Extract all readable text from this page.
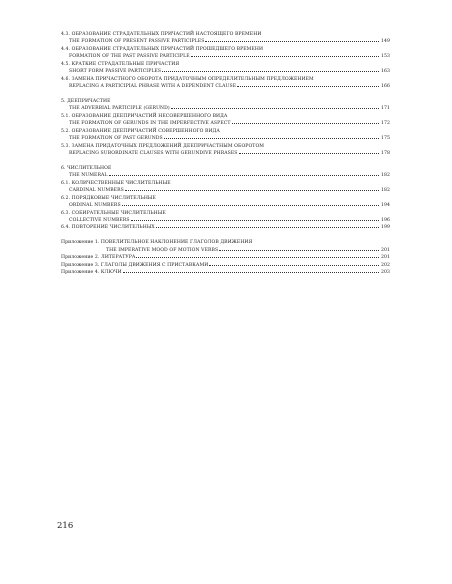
4.3. ОБРАЗОВАНИЕ СТРАДАТЕЛЬНЫХ ПРИЧАСТИЙ НАСТОЯЩЕГО ВРЕМЕНИ
THE FORMATION OF PRESENT PASSIVE PARTICIPLES	149
4.4. ОБРАЗОВАНИЕ СТРАДАТЕЛЬНЫХ ПРИЧАСТИЙ ПРОШЕДШЕГО ВРЕМЕНИ
FORMATION OF THE PAST PASSIVE PARTICIPLE	153
4.5. КРАТКИЕ СТРАДАТЕЛЬНЫЕ ПРИЧАСТИЯ
SHORT FORM PASSIVE PARTICIPLES	163
4.6. ЗАМЕНА ПРИЧАСТНОГО ОБОРОТА ПРИДАТОЧНЫМ ОПРЕДЕЛИТЕЛЬНЫМ ПРЕДЛОЖЕНИЕМ
REPLACING A PARTICIPIAL PHRASE WITH A DEPENDENT CLAUSE	166
5. ДЕЕПРИЧАСТИЕ
THE ADVERBIAL PARTICIPLE (GERUND)	171
5.1. ОБРАЗОВАНИЕ ДЕЕПРИЧАСТИЙ НЕСОВЕРШЕННОГО ВИДА
THE FORMATION OF GERUNDS IN THE IMPERFECTIVE ASPECT	172
5.2. ОБРАЗОВАНИЕ ДЕЕПРИЧАСТИЙ СОВЕРШЕННОГО ВИДА
THE FORMATION OF PAST GERUNDS	175
5.3. ЗАМЕНА ПРИДАТОЧНЫХ ПРЕДЛОЖЕНИЙ ДЕЕПРИЧАСТНЫМ ОБОРОТОМ
REPLACING SUBORDINATE CLAUSES WITH GERUNDIVE PHRASES	178
6. ЧИСЛИТЕЛЬНОЕ
THE NUMERAL	182
6.1. КОЛИЧЕСТВЕННЫЕ ЧИСЛИТЕЛЬНЫЕ
CARDINAL NUMBERS	182
6.2. ПОРЯДКОВЫЕ ЧИСЛИТЕЛЬНЫЕ
ORDINAL NUMBERS	194
6.3. СОБИРАТЕЛЬНЫЕ ЧИСЛИТЕЛЬНЫЕ
COLLECTIVE NUMBERS	196
6.4. ПОВТОРЕНИЕ ЧИСЛИТЕЛЬНЫХ	199
Приложение 1. ПОВЕЛИТЕЛЬНОЕ НАКЛОНЕНИЕ ГЛАГОЛОВ ДВИЖЕНИЯ
THE IMPERATIVE MOOD OF MOTION VERBS	201
Приложение 2. ЛИТЕРАТУРА	201
Приложение 3. ГЛАГОЛЫ ДВИЖЕНИЯ С ПРИСТАВКАМИ	202
Приложение 4. КЛЮЧИ	203
216
